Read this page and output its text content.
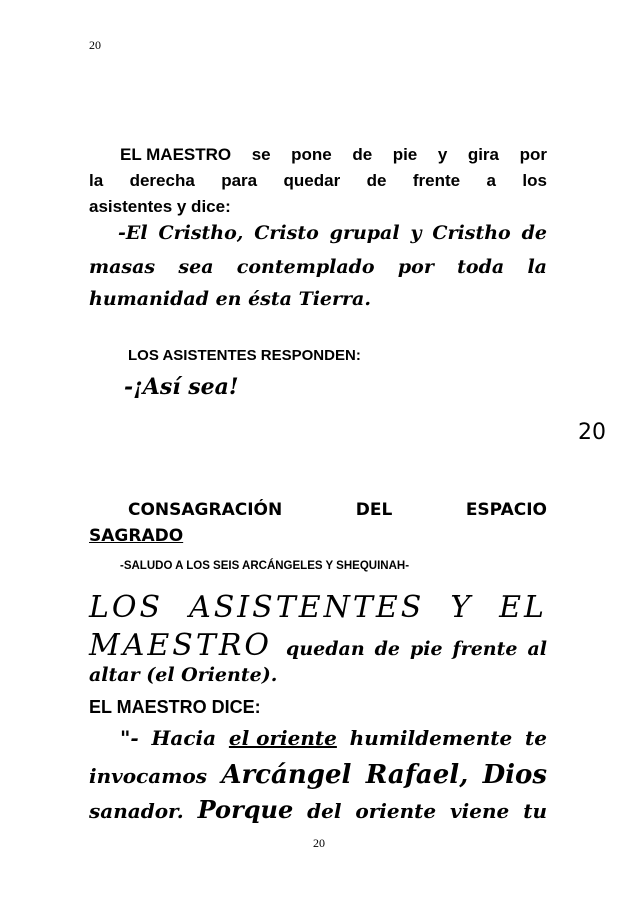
20
EL MAESTRO se pone de pie y gira por
la derecha para quedar de frente a los
asistentes y dice:
-El Cristho, Cristo grupal y Cristho de
masas sea contemplado por toda la
humanidad en ésta Tierra.
LOS ASISTENTES RESPONDEN:
-¡Así sea!
20
CONSAGRACIÓN	DEL	ESPACIO
SAGRADO
-SALUDO A LOS SEIS ARCÁNGELES Y SHEQUINAH-
LOS ASISTENTES Y EL
MAESTRO quedan de pie frente al
altar (el Oriente).
EL MAESTRO DICE:
"- Hacia el oriente humildemente te
invocamos Arcángel Rafael, Dios
sanador. Porque del oriente viene tu
20
